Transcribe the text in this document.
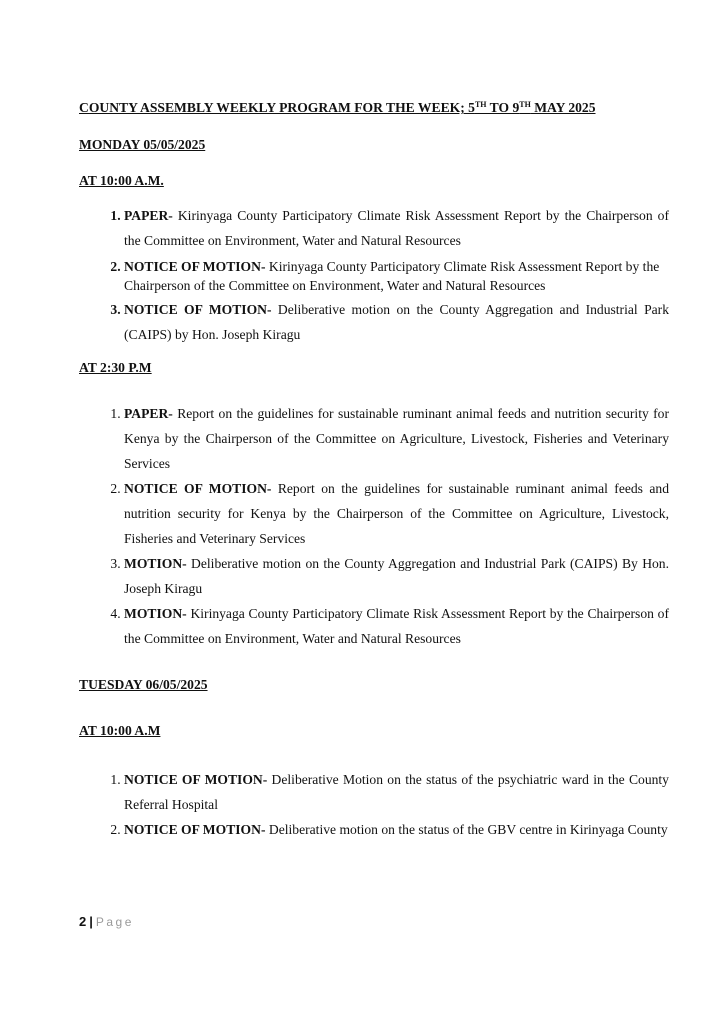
COUNTY ASSEMBLY WEEKLY PROGRAM FOR THE WEEK; 5TH TO 9TH MAY 2025
MONDAY 05/05/2025
AT 10:00 A.M.
1. PAPER- Kirinyaga County Participatory Climate Risk Assessment Report by the Chairperson of the Committee on Environment, Water and Natural Resources
2. NOTICE OF MOTION- Kirinyaga County Participatory Climate Risk Assessment Report by the Chairperson of the Committee on Environment, Water and Natural Resources
3. NOTICE OF MOTION- Deliberative motion on the County Aggregation and Industrial Park (CAIPS) by Hon. Joseph Kiragu
AT 2:30 P.M
1. PAPER- Report on the guidelines for sustainable ruminant animal feeds and nutrition security for Kenya by the Chairperson of the Committee on Agriculture, Livestock, Fisheries and Veterinary Services
2. NOTICE OF MOTION- Report on the guidelines for sustainable ruminant animal feeds and nutrition security for Kenya by the Chairperson of the Committee on Agriculture, Livestock, Fisheries and Veterinary Services
3. MOTION- Deliberative motion on the County Aggregation and Industrial Park (CAIPS) By Hon. Joseph Kiragu
4. MOTION- Kirinyaga County Participatory Climate Risk Assessment Report by the Chairperson of the Committee on Environment, Water and Natural Resources
TUESDAY 06/05/2025
AT 10:00 A.M
1. NOTICE OF MOTION- Deliberative Motion on the status of the psychiatric ward in the County Referral Hospital
2. NOTICE OF MOTION- Deliberative motion on the status of the GBV centre in Kirinyaga County
2 | Page
